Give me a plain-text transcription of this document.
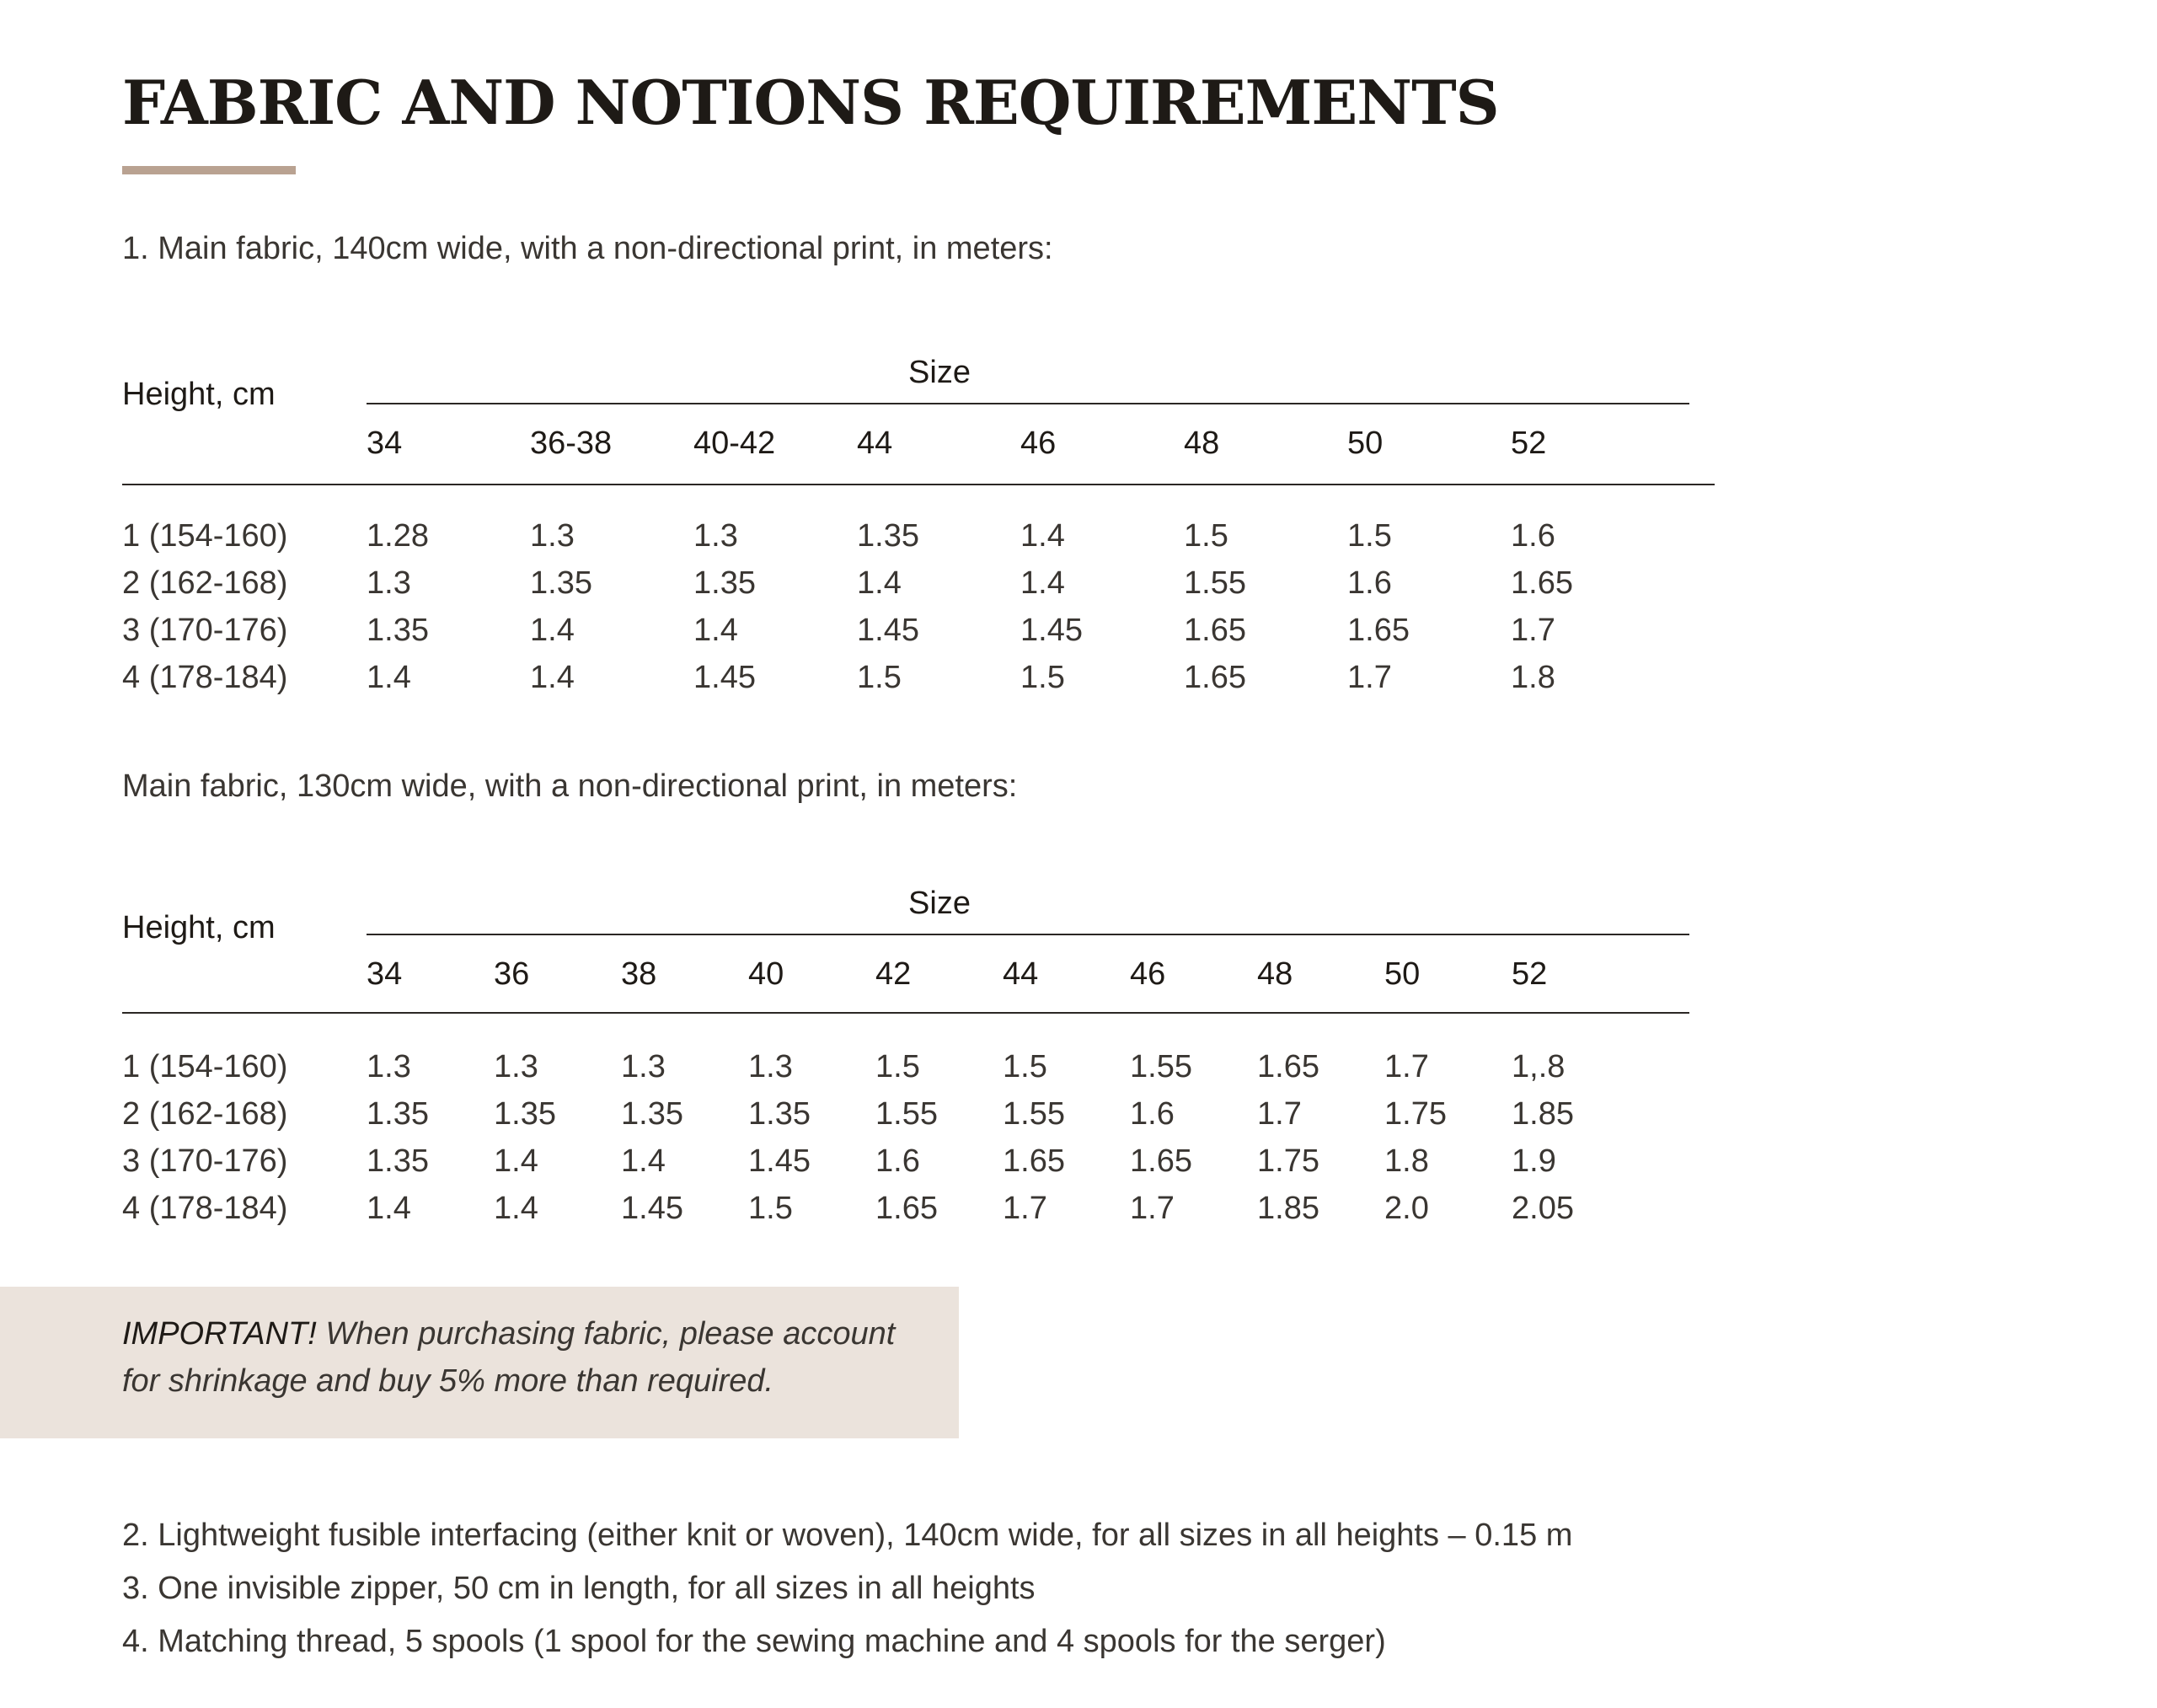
FABRIC AND NOTIONS REQUIREMENTS
1. Main fabric, 140cm wide, with a non-directional print, in meters:
Height, cm
Size
34	36-38	40-42	44	46	48	50	52
1 (154-160) 1.28	1.3	1.3	1.35	1.4	1.5	1.5	1.6
2 (162-168) 1.3	1.35	1.35	1.4	1.4	1.55	1.6	1.65
3 (170-176) 1.35	1.4	1.4	1.45	1.45	1.65	1.65	1.7
4 (178-184) 1.4	1.4	1.45	1.5	1.5	1.65	1.7	1.8
Main fabric, 130cm wide, with a non-directional print, in meters:
Height, cm
Size
34	36	38	40	42	44	46	48	50	52
1 (154-160) 1.3	1.3	1.3	1.3	1.5	1.5	1.55 1.65 1.7	1,.8
2 (162-168) 1.35 1.35 1.35 1.35 1.55 1.55 1.6	1.7	1.75 1.85
3 (170-176) 1.35 1.4	1.4	1.45 1.6	1.65 1.65 1.75 1.8	1.9
4 (178-184) 1.4	1.4	1.45 1.5	1.65 1.7	1.7	1.85 2.0	2.05
IMPORTANT! When purchasing fabric, please account for shrinkage and buy 5% more than required.
2. Lightweight fusible interfacing (either knit or woven), 140cm wide, for all sizes in all heights – 0.15 m
3. One invisible zipper, 50 cm in length, for all sizes in all heights
4. Matching thread, 5 spools (1 spool for the sewing machine and 4 spools for the serger)
